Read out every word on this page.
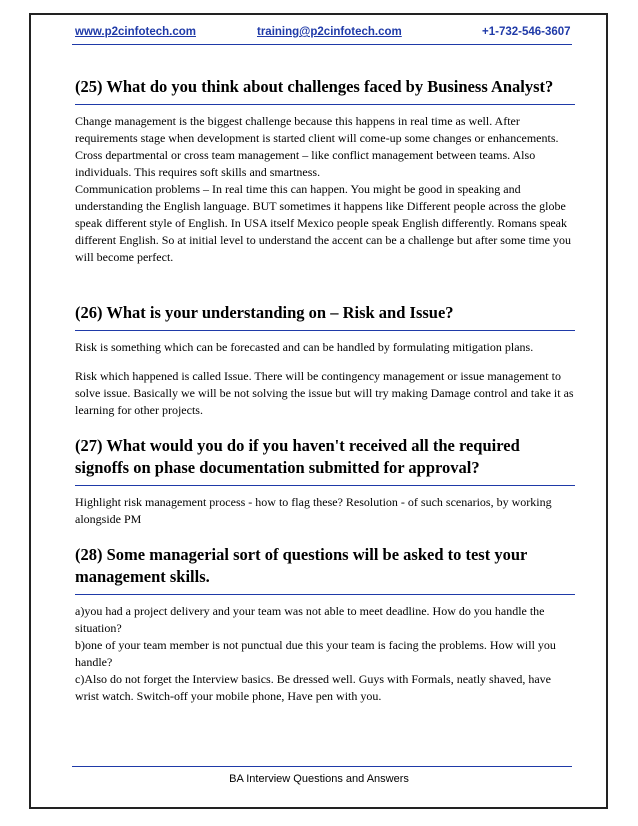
www.p2cinfotech.com	training@p2cinfotech.com	+1-732-546-3607
(25) What do you think about challenges faced by Business Analyst?

Change management is the biggest challenge because this happens in real time as well. After requirements stage when development is started client will come-up some changes or enhancements.

Cross departmental or cross team management – like conflict management between teams. Also individuals. This requires soft skills and smartness.

Communication problems – In real time this can happen. You might be good in speaking and understanding the English language. BUT sometimes it happens like Different people across the globe speak different style of English. In USA itself Mexico people speak English differently. Romans speak different English. So at initial level to understand the accent can be a challenge but after some time you will become perfect.

(26) What is your understanding on – Risk and Issue?

Risk is something which can be forecasted and can be handled by formulating mitigation plans.

Risk which happened is called Issue. There will be contingency management or issue management to solve issue. Basically we will be not solving the issue but will try making Damage control and take it as learning for other projects.

(27) What would you do if you haven't received all the required signoffs on phase documentation submitted for approval?

Highlight risk management process - how to flag these? Resolution - of such scenarios, by working alongside PM

(28) Some managerial sort of questions will be asked to test your management skills.

a)you had a project delivery and your team was not able to meet deadline. How do you handle the situation?

b)one of your team member is not punctual due this your team is facing the problems. How will you handle?

c)Also do not forget the Interview basics. Be dressed well. Guys with Formals, neatly shaved, have wrist watch. Switch-off your mobile phone, Have pen with you.

BA Interview Questions and Answers
